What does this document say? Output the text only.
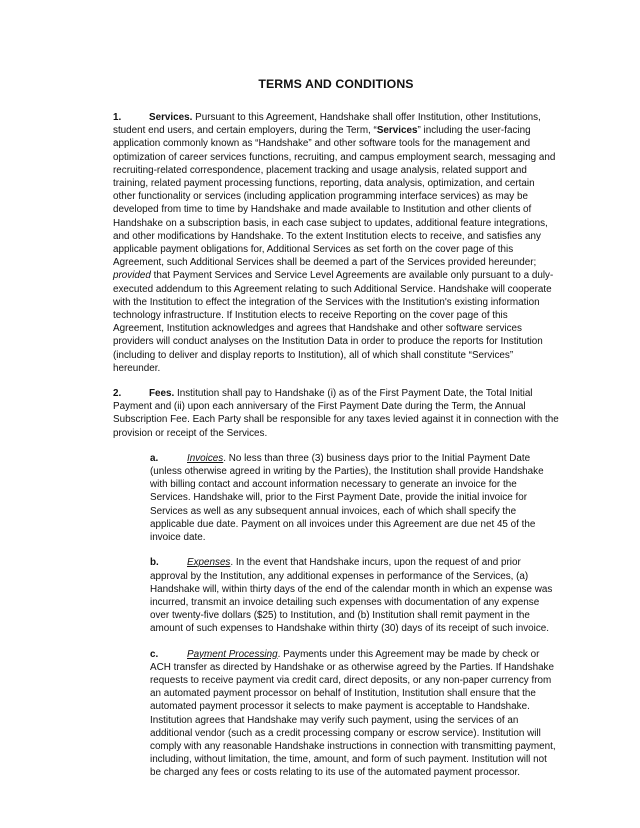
TERMS AND CONDITIONS

1.	Services. Pursuant to this Agreement, Handshake shall offer Institution, other Institutions, student end users, and certain employers, during the Term, “Services” including the user-facing application commonly known as “Handshake” and other software tools for the management and optimization of career services functions, recruiting, and campus employment search, messaging and recruiting-related correspondence, placement tracking and usage analysis, related support and training, related payment processing functions, reporting, data analysis, optimization, and certain other functionality or services (including application programming interface services) as may be developed from time to time by Handshake and made available to Institution and other clients of Handshake on a subscription basis, in each case subject to updates, additional feature integrations, and other modifications by Handshake. To the extent Institution elects to receive, and satisfies any applicable payment obligations for, Additional Services as set forth on the cover page of this Agreement, such Additional Services shall be deemed a part of the Services provided hereunder; provided that Payment Services and Service Level Agreements are available only pursuant to a duly-executed addendum to this Agreement relating to such Additional Service. Handshake will cooperate with the Institution to effect the integration of the Services with the Institution's existing information technology infrastructure. If Institution elects to receive Reporting on the cover page of this Agreement, Institution acknowledges and agrees that Handshake and other software services providers will conduct analyses on the Institution Data in order to produce the reports for Institution (including to deliver and display reports to Institution), all of which shall constitute “Services” hereunder.

2.	Fees. Institution shall pay to Handshake (i) as of the First Payment Date, the Total Initial Payment and (ii) upon each anniversary of the First Payment Date during the Term, the Annual Subscription Fee. Each Party shall be responsible for any taxes levied against it in connection with the provision or receipt of the Services.

a.	Invoices. No less than three (3) business days prior to the Initial Payment Date (unless otherwise agreed in writing by the Parties), the Institution shall provide Handshake with billing contact and account information necessary to generate an invoice for the Services. Handshake will, prior to the First Payment Date, provide the initial invoice for Services as well as any subsequent annual invoices, each of which shall specify the applicable due date. Payment on all invoices under this Agreement are due net 45 of the invoice date.

b.	Expenses. In the event that Handshake incurs, upon the request of and prior approval by the Institution, any additional expenses in performance of the Services, (a) Handshake will, within thirty days of the end of the calendar month in which an expense was incurred, transmit an invoice detailing such expenses with documentation of any expense over twenty-five dollars ($25) to Institution, and (b) Institution shall remit payment in the amount of such expenses to Handshake within thirty (30) days of its receipt of such invoice.

c.	Payment Processing. Payments under this Agreement may be made by check or ACH transfer as directed by Handshake or as otherwise agreed by the Parties. If Handshake requests to receive payment via credit card, direct deposits, or any non-paper currency from an automated payment processor on behalf of Institution, Institution shall ensure that the automated payment processor it selects to make payment is acceptable to Handshake. Institution agrees that Handshake may verify such payment, using the services of an additional vendor (such as a credit processing company or escrow service). Institution will comply with any reasonable Handshake instructions in connection with transmitting payment, including, without limitation, the time, amount, and form of such payment. Institution will not be charged any fees or costs relating to its use of the automated payment processor.
